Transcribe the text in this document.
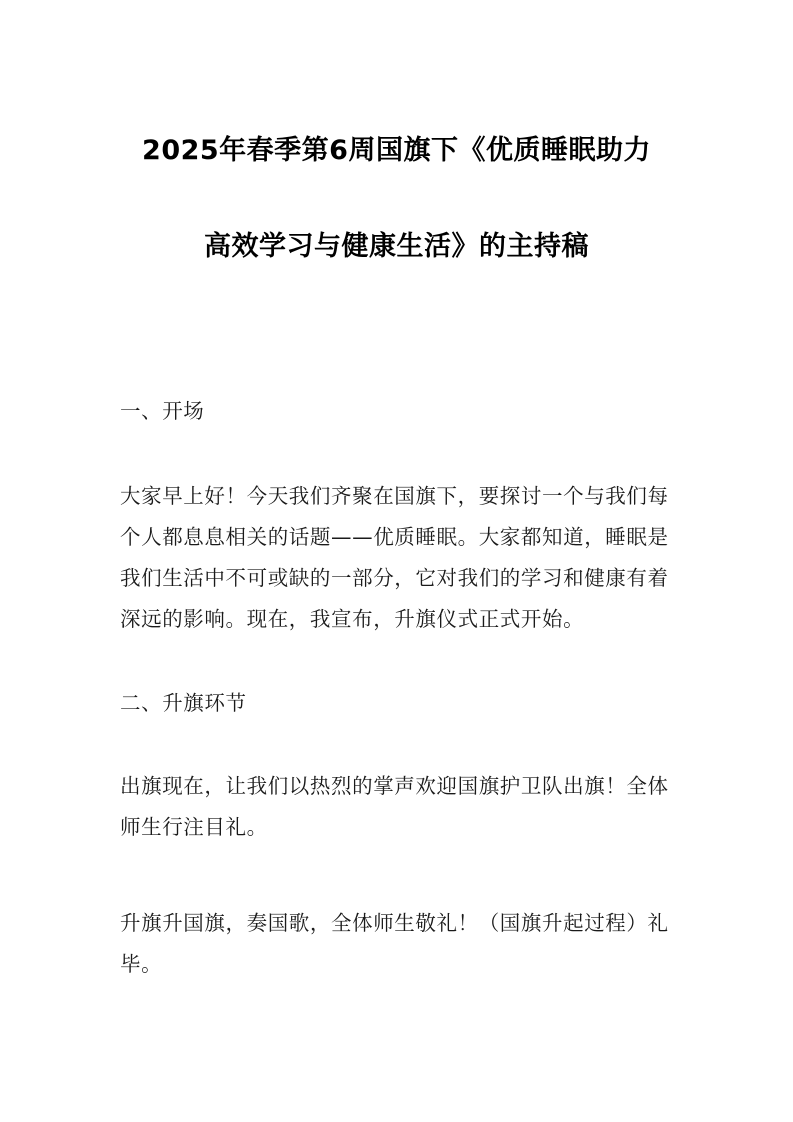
2025年春季第6周国旗下《优质睡眠助力
高效学习与健康生活》的主持稿
一、开场
大家早上好！今天我们齐聚在国旗下，要探讨一个与我们每
个人都息息相关的话题——优质睡眠。大家都知道，睡眠是
我们生活中不可或缺的一部分，它对我们的学习和健康有着
深远的影响。现在，我宣布，升旗仪式正式开始。
二、升旗环节
出旗现在，让我们以热烈的掌声欢迎国旗护卫队出旗！全体
师生行注目礼。
升旗升国旗，奏国歌，全体师生敬礼！（国旗升起过程）礼
毕。
